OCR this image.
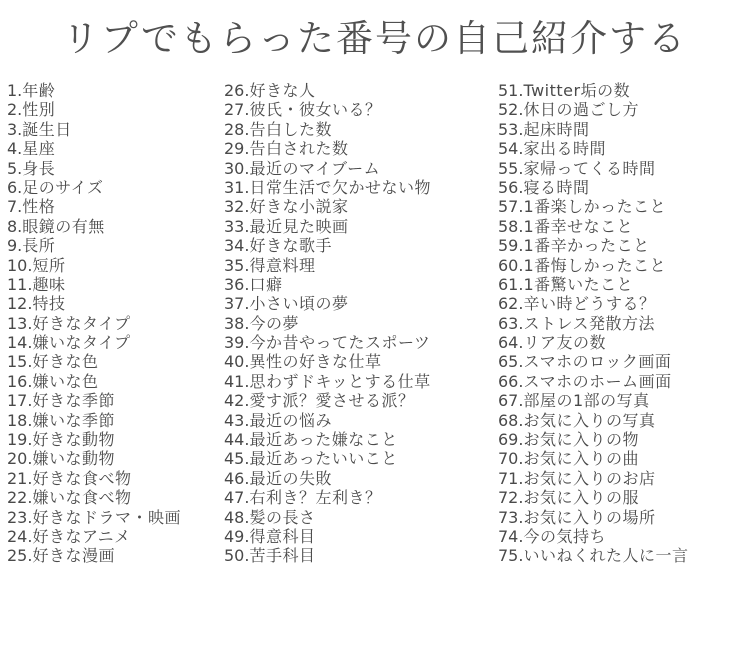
リプでもらった番号の自己紹介する
1.年齢
2.性別
3.誕生日
4.星座
5.身長
6.足のサイズ
7.性格
8.眼鏡の有無
9.長所
10.短所
11.趣味
12.特技
13.好きなタイプ
14.嫌いなタイプ
15.好きな色
16.嫌いな色
17.好きな季節
18.嫌いな季節
19.好きな動物
20.嫌いな動物
21.好きな食べ物
22.嫌いな食べ物
23.好きなドラマ・映画
24.好きなアニメ
25.好きな漫画
26.好きな人
27.彼氏・彼女いる？
28.告白した数
29.告白された数
30.最近のマイブーム
31.日常生活で欠かせない物
32.好きな小説家
33.最近見た映画
34.好きな歌手
35.得意料理
36.口癖
37.小さい頃の夢
38.今の夢
39.今か昔やってたスポーツ
40.異性の好きな仕草
41.思わずドキッとする仕草
42.愛す派？愛させる派？
43.最近の悩み
44.最近あった嫌なこと
45.最近あったいいこと
46.最近の失敗
47.右利き？左利き？
48.髪の長さ
49.得意科目
50.苦手科目
51.Twitter垢の数
52.休日の過ごし方
53.起床時間
54.家出る時間
55.家帰ってくる時間
56.寝る時間
57.1番楽しかったこと
58.1番幸せなこと
59.1番辛かったこと
60.1番悔しかったこと
61.1番驚いたこと
62.辛い時どうする？
63.ストレス発散方法
64.リア友の数
65.スマホのロック画面
66.スマホのホーム画面
67.部屋の1部の写真
68.お気に入りの写真
69.お気に入りの物
70.お気に入りの曲
71.お気に入りのお店
72.お気に入りの服
73.お気に入りの場所
74.今の気持ち
75.いいねくれた人に一言
